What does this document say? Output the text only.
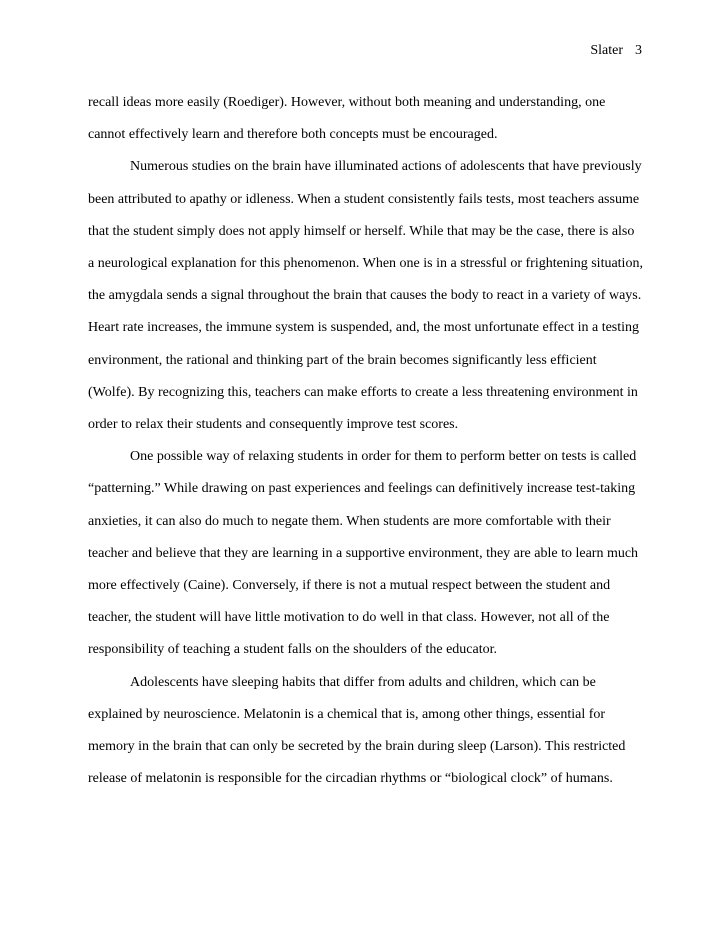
Slater 3

recall ideas more easily (Roediger). However, without both meaning and understanding, one cannot effectively learn and therefore both concepts must be encouraged.

Numerous studies on the brain have illuminated actions of adolescents that have previously been attributed to apathy or idleness. When a student consistently fails tests, most teachers assume that the student simply does not apply himself or herself. While that may be the case, there is also a neurological explanation for this phenomenon. When one is in a stressful or frightening situation, the amygdala sends a signal throughout the brain that causes the body to react in a variety of ways. Heart rate increases, the immune system is suspended, and, the most unfortunate effect in a testing environment, the rational and thinking part of the brain becomes significantly less efficient (Wolfe). By recognizing this, teachers can make efforts to create a less threatening environment in order to relax their students and consequently improve test scores.

One possible way of relaxing students in order for them to perform better on tests is called “patterning.” While drawing on past experiences and feelings can definitively increase test-taking anxieties, it can also do much to negate them. When students are more comfortable with their teacher and believe that they are learning in a supportive environment, they are able to learn much more effectively (Caine). Conversely, if there is not a mutual respect between the student and teacher, the student will have little motivation to do well in that class. However, not all of the responsibility of teaching a student falls on the shoulders of the educator.

Adolescents have sleeping habits that differ from adults and children, which can be explained by neuroscience. Melatonin is a chemical that is, among other things, essential for memory in the brain that can only be secreted by the brain during sleep (Larson). This restricted release of melatonin is responsible for the circadian rhythms or “biological clock” of humans.
